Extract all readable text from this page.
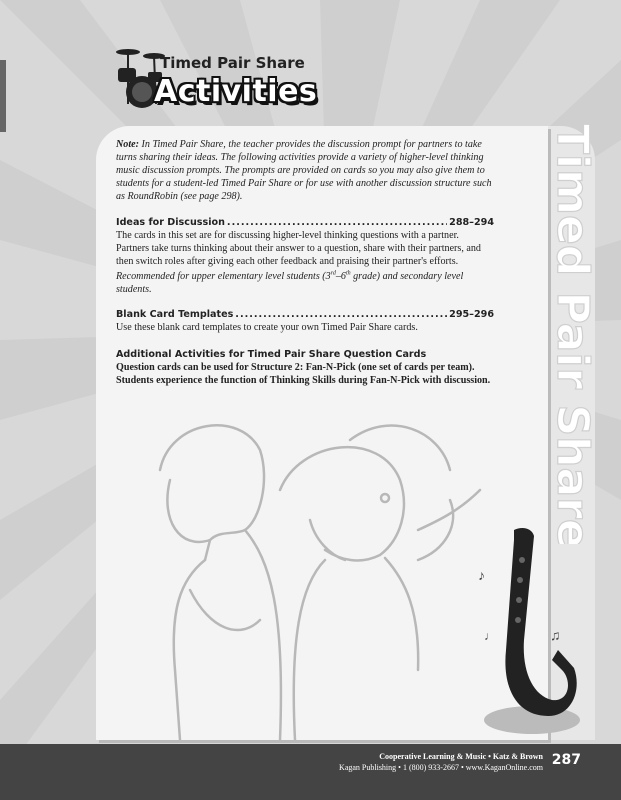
Timed Pair Share
Activities
Timed Pair Share

Note: In Timed Pair Share, the teacher provides the discussion prompt for partners to take turns sharing their ideas. The following activities provide a variety of higher-level thinking music discussion prompts. The prompts are provided on cards so you may also give them to students for a student-led Timed Pair Share or for use with another discussion structure such as RoundRobin (see page 298).

Ideas for Discussion .....	288–294

The cards in this set are for discussing higher-level thinking questions with a partner. Partners take turns thinking about their answer to a question, share with their partners, and then switch roles after giving each other feedback and praising their partner's efforts. Recommended for upper elementary level students (3rd–6th grade) and secondary level students.

Blank Card Templates .....	295–296

Use these blank card templates to create your own Timed Pair Share cards.

Additional Activities for Timed Pair Share Question Cards

Question cards can be used for Structure 2: Fan-N-Pick (one set of cards per team). Students experience the function of Thinking Skills during Fan-N-Pick with discussion.

♪
♫
♩
Cooperative Learning & Music • Katz & Brown
Kagan Publishing • 1 (800) 933-2667 • www.KaganOnline.com 287
